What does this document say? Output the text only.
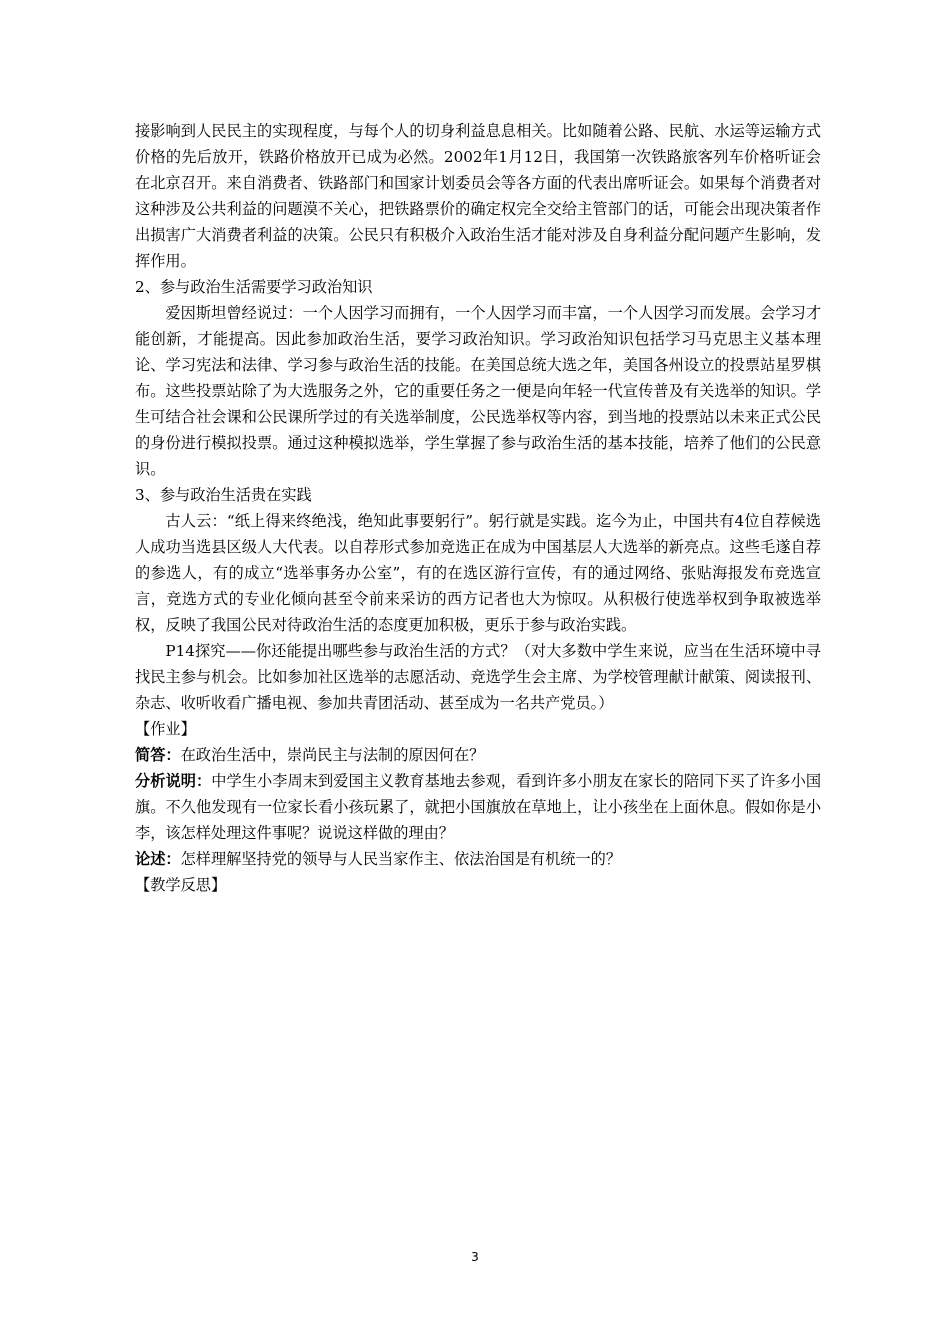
接影响到人民民主的实现程度，与每个人的切身利益息息相关。比如随着公路、民航、水运等运输方式价格的先后放开，铁路价格放开已成为必然。2002年1月12日，我国第一次铁路旅客列车价格听证会在北京召开。来自消费者、铁路部门和国家计划委员会等各方面的代表出席听证会。如果每个消费者对这种涉及公共利益的问题漠不关心，把铁路票价的确定权完全交给主管部门的话，可能会出现决策者作出损害广大消费者利益的决策。公民只有积极介入政治生活才能对涉及自身利益分配问题产生影响，发挥作用。

2、参与政治生活需要学习政治知识

爱因斯坦曾经说过：一个人因学习而拥有，一个人因学习而丰富，一个人因学习而发展。会学习才能创新，才能提高。因此参加政治生活，要学习政治知识。学习政治知识包括学习马克思主义基本理论、学习宪法和法律、学习参与政治生活的技能。在美国总统大选之年，美国各州设立的投票站星罗棋布。这些投票站除了为大选服务之外，它的重要任务之一便是向年轻一代宣传普及有关选举的知识。学生可结合社会课和公民课所学过的有关选举制度，公民选举权等内容，到当地的投票站以未来正式公民的身份进行模拟投票。通过这种模拟选举，学生掌握了参与政治生活的基本技能，培养了他们的公民意识。

3、参与政治生活贵在实践

古人云：“纸上得来终绝浅，绝知此事要躬行”。躬行就是实践。迄今为止，中国共有4位自荐候选人成功当选县区级人大代表。以自荐形式参加竞选正在成为中国基层人大选举的新亮点。这些毛遂自荐的参选人，有的成立“选举事务办公室”，有的在选区游行宣传，有的通过网络、张贴海报发布竞选宣言，竞选方式的专业化倾向甚至令前来采访的西方记者也大为惊叹。从积极行使选举权到争取被选举权，反映了我国公民对待政治生活的态度更加积极，更乐于参与政治实践。

P14探究——你还能提出哪些参与政治生活的方式？（对大多数中学生来说，应当在生活环境中寻找民主参与机会。比如参加社区选举的志愿活动、竞选学生会主席、为学校管理献计献策、阅读报刊、杂志、收听收看广播电视、参加共青团活动、甚至成为一名共产党员。）

【作业】

简答：在政治生活中，崇尚民主与法制的原因何在？

分析说明：中学生小李周末到爱国主义教育基地去参观，看到许多小朋友在家长的陪同下买了许多小国旗。不久他发现有一位家长看小孩玩累了，就把小国旗放在草地上，让小孩坐在上面休息。假如你是小李，该怎样处理这件事呢？说说这样做的理由？

论述：怎样理解坚持党的领导与人民当家作主、依法治国是有机统一的？

【教学反思】

3
